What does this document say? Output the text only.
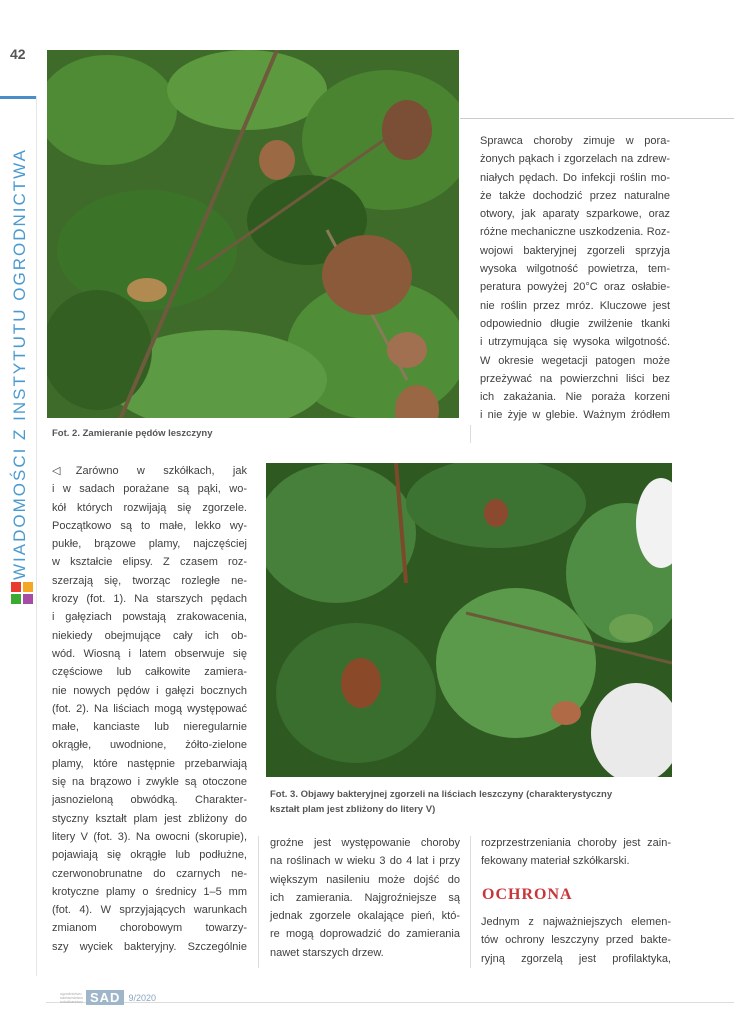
42
WIADOMOŚCI Z INSTYTUTU OGRODNICTWA Fot. 2. Zamieranie pędów leszczyny

Sprawca choroby zimuje w pora-

żonych pąkach i zgorzelach na zdrew-

niałych pędach. Do infekcji roślin mo-

że także dochodzić przez naturalne

otwory, jak aparaty szparkowe, oraz

różne mechaniczne uszkodzenia. Roz-

wojowi bakteryjnej zgorzeli sprzyja

wysoka wilgotność powietrza, tem-

peratura powyżej 20°C oraz osłabie-

nie roślin przez mróz. Kluczowe jest

odpowiednio długie zwilżenie tkanki

i utrzymująca się wysoka wilgotność.

W okresie wegetacji patogen może

przeżywać na powierzchni liści bez

ich zakażania. Nie poraża korzeni

i nie żyje w glebie. Ważnym źródłem

Fot. 3. Objawy bakteryjnej zgorzeli na liściach leszczyny (charakterystyczny
kształt plam jest zbliżony do litery V)

◁Zarówno w szkółkach, jak

i w sadach porażane są pąki, wo-

kół których rozwijają się zgorzele.

Początkowo są to małe, lekko wy-

pukłe, brązowe plamy, najczęściej

w kształcie elipsy. Z czasem roz-

szerzają się, tworząc rozległe ne-

krozy (fot. 1). Na starszych pędach

i gałęziach powstają zrakowacenia,

niekiedy obejmujące cały ich ob-

wód. Wiosną i latem obserwuje się

częściowe lub całkowite zamiera-

nie nowych pędów i gałęzi bocznych

(fot. 2). Na liściach mogą występować

małe, kanciaste lub nieregularnie

okrągłe, uwodnione, żółto-zielone

plamy, które następnie przebarwiają

się na brązowo i zwykle są otoczone

jasnozieloną obwódką. Charakter-

stycznу kształt plam jest zbliżony do

litery V (fot. 3). Na owocni (skorupie),

pojawiają się okrągłe lub podłużne,

czerwonobrunatne do czarnych ne-

krotyczne plamy o średnicy 1–5 mm

(fot. 4). W sprzyjających warunkach

zmianom chorobowym towarzy-

szy wyciek bakteryjny. Szczególnie

groźne jest występowanie choroby

na roślinach w wieku 3 do 4 lat i przy

większym nasileniu może dojść do

ich zamierania. Najgroźniejsze są

jednak zgorzele okalające pień, któ-

re mogą doprowadzić do zamierania

nawet starszych drzew.

rozprzestrzeniania choroby jest zain-

fekowany materiał szkółkarski.

OCHRONA

Jednym z najważniejszych elemen-

tów ochrony leszczyny przed bakte-

ryjną zgorzelą jest profilaktyka,

ogrodnictwo sadownictwo szkółkarstwo SAD 9/2020
